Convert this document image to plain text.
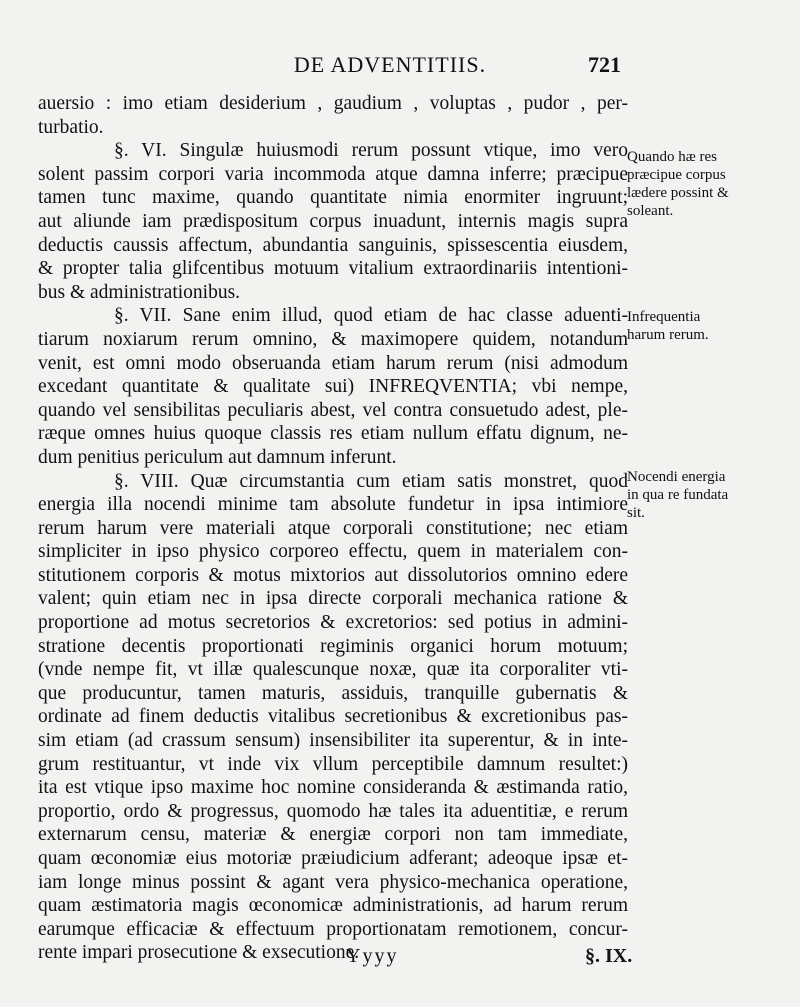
DE ADVENTITIIS.	721
auersio : imo etiam desiderium , gaudium , voluptas , pudor , per-
turbatio.
§. VI. Singulæ huiusmodi rerum possunt vtique, imo vero
solent passim corpori varia incommoda atque damna inferre; præcipue
tamen tunc maxime, quando quantitate nimia enormiter ingruunt;
aut aliunde iam prædispositum corpus inuadunt, internis magis supra
deductis caussis affectum, abundantia sanguinis, spissescentia eiusdem,
& propter talia glifcentibus motuum vitalium extraordinariis intentioni-
bus & administrationibus.
§. VII. Sane enim illud, quod etiam de hac classe aduenti-
tiarum noxiarum rerum omnino, & maximopere quidem, notandum
venit, est omni modo obseruanda etiam harum rerum (nisi admodum
excedant quantitate & qualitate sui) INFREQVENTIA; vbi nempe,
quando vel sensibilitas peculiaris abest, vel contra consuetudo adest, ple-
ræque omnes huius quoque classis res etiam nullum effatu dignum, ne-
dum penitius periculum aut damnum inferunt.
§. VIII. Quæ circumstantia cum etiam satis monstret, quod
energia illa nocendi minime tam absolute fundetur in ipsa intimiore
rerum harum vere materiali atque corporali constitutione; nec etiam
simpliciter in ipso physico corporeo effectu, quem in materialem con-
stitutionem corporis & motus mixtorios aut dissolutorios omnino edere
valent; quin etiam nec in ipsa directe corporali mechanica ratione &
proportione ad motus secretorios & excretorios: sed potius in admini-
stratione decentis proportionati regiminis organici horum motuum;
(vnde nempe fit, vt illæ qualescunque noxæ, quæ ita corporaliter vti-
que producuntur, tamen maturis, assiduis, tranquille gubernatis &
ordinate ad finem deductis vitalibus secretionibus & excretionibus pas-
sim etiam (ad crassum sensum) insensibiliter ita superentur, & in inte-
grum restituantur, vt inde vix vllum perceptibile damnum resultet:)
ita est vtique ipso maxime hoc nomine consideranda & æstimanda ratio,
proportio, ordo & progressus, quomodo hæ tales ita aduentitiæ, e rerum
externarum censu, materiæ & energiæ corpori non tam immediate,
quam œconomiæ eius motoriæ præiudicium adferant; adeoque ipsæ et-
iam longe minus possint & agant vera physico-mechanica operatione,
quam æstimatoria magis œconomicæ administrationis, ad harum rerum
earumque efficaciæ & effectuum proportionatam remotionem, concur-
rente impari prosecutione & exsecutione.
Quando hæ res præcipue corpus lædere possint & soleant.
Infrequentia harum rerum.
Nocendi energia in qua re fundata sit.
Yyyy	§. IX.
